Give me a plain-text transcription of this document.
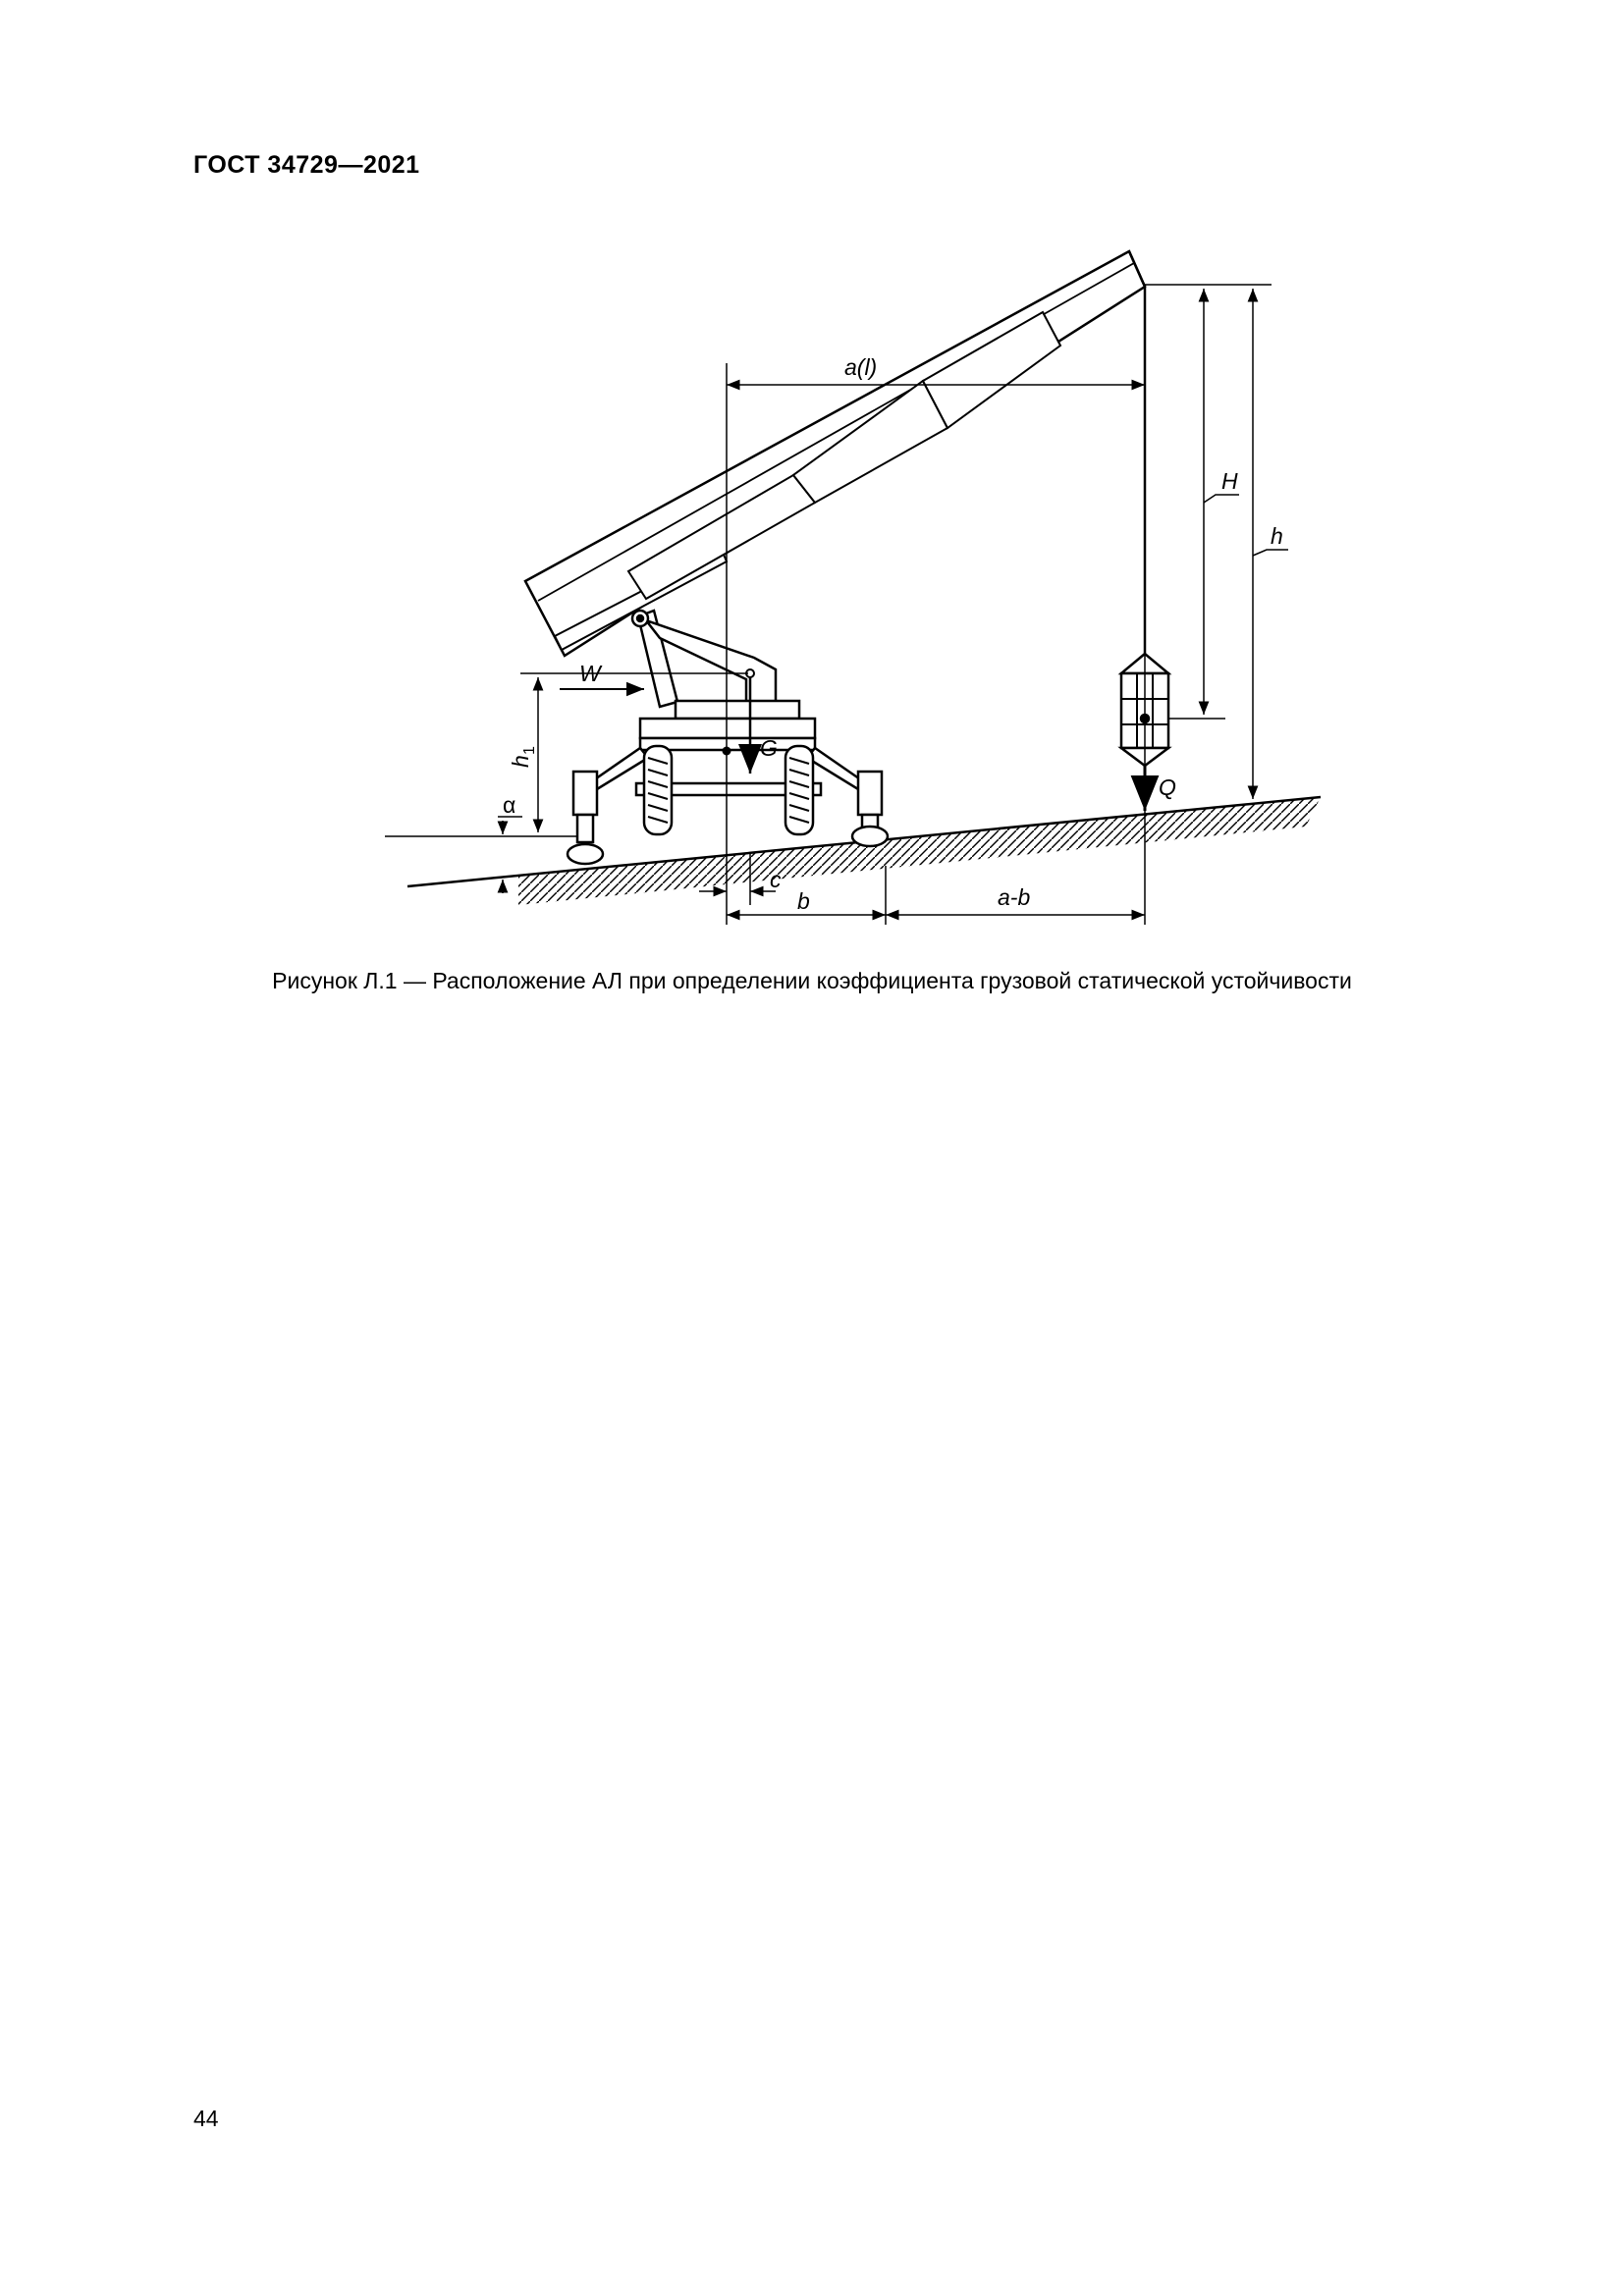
ГОСТ 34729—2021
a(l)
H
h
W
G
Q
h
1
α
c
b	a-b
Рисунок Л.1 — Расположение АЛ при определении коэффициента грузовой статической устойчивости
44
